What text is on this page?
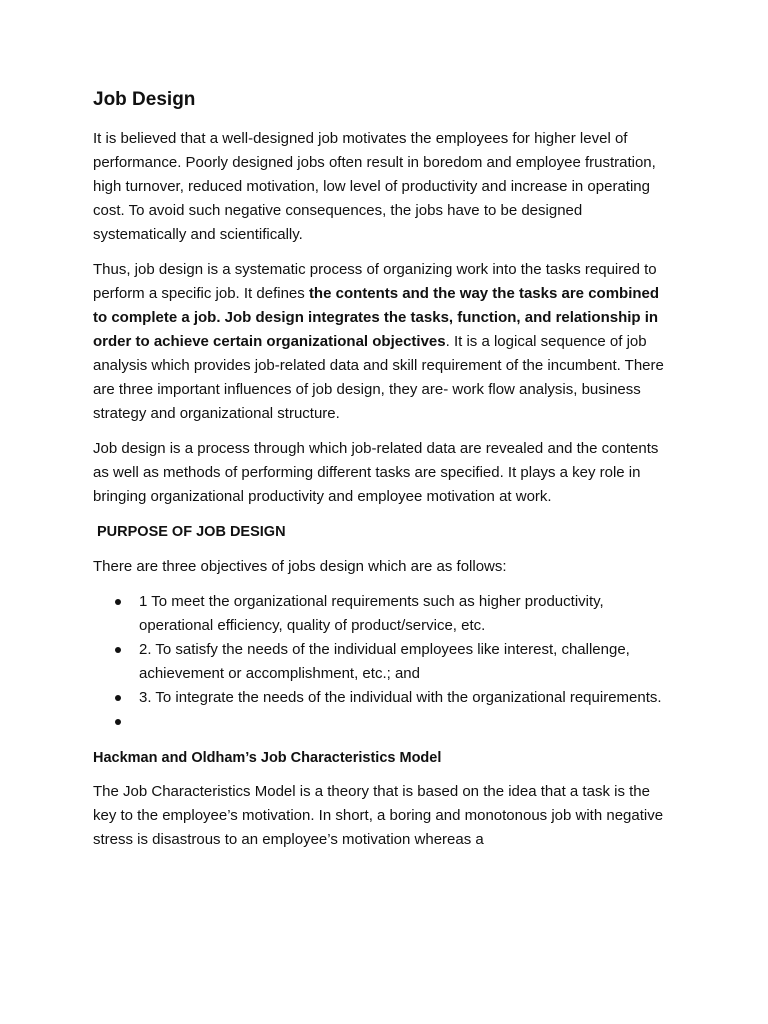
Job Design

It is believed that a well-designed job motivates the employees for higher level of performance. Poorly designed jobs often result in boredom and employee frustration, high turnover, reduced motivation, low level of productivity and increase in operating cost. To avoid such negative consequences, the jobs have to be designed systematically and scientifically.

Thus, job design is a systematic process of organizing work into the tasks required to perform a specific job. It defines the contents and the way the tasks are combined to complete a job. Job design integrates the tasks, function, and relationship in order to achieve certain organizational objectives. It is a logical sequence of job analysis which provides job-related data and skill requirement of the incumbent. There are three important influences of job design, they are- work flow analysis, business strategy and organizational structure.

Job design is a process through which job-related data are revealed and the contents as well as methods of performing different tasks are specified. It plays a key role in bringing organizational productivity and employee motivation at work.

PURPOSE OF JOB DESIGN

There are three objectives of jobs design which are as follows:

1 To meet the organizational requirements such as higher productivity, operational efficiency, quality of product/service, etc.
2. To satisfy the needs of the individual employees like interest, challenge, achievement or accomplishment, etc.; and
3. To integrate the needs of the individual with the organizational requirements.
Hackman and Oldham’s Job Characteristics Model

The Job Characteristics Model is a theory that is based on the idea that a task is the key to the employee’s motivation. In short, a boring and monotonous job with negative stress is disastrous to an employee’s motivation whereas a
